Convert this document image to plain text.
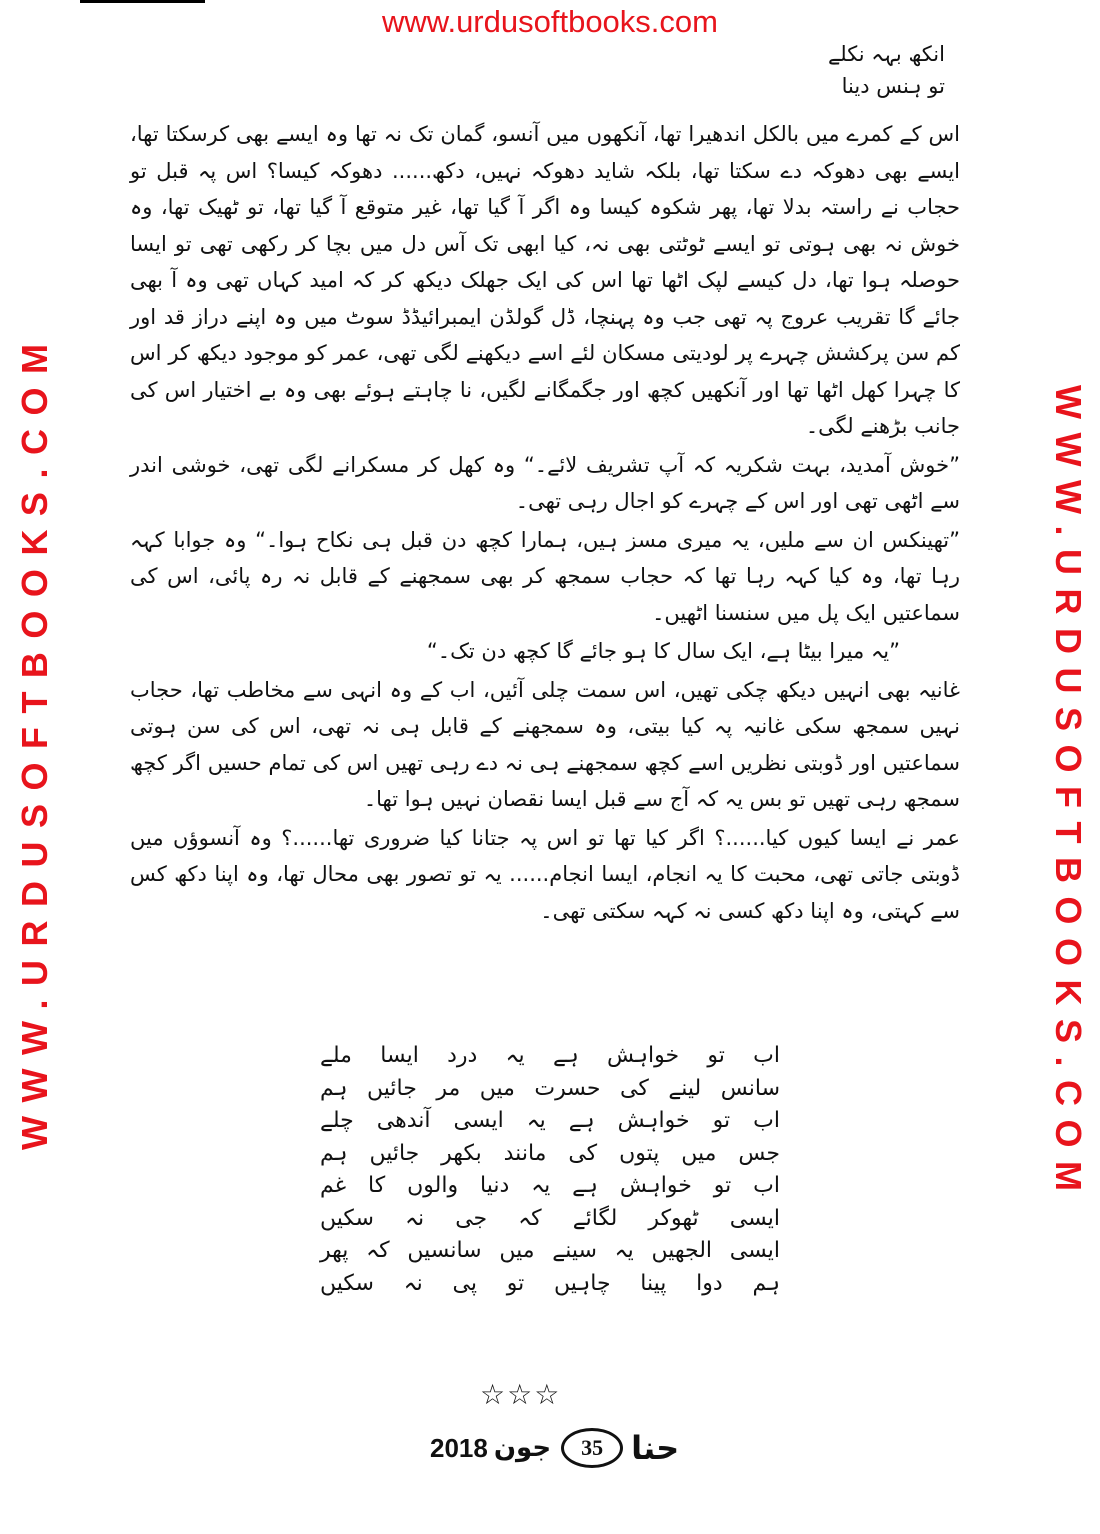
www.urdusoftbooks.com
WWW.URDUSOFTBOOKS.COM	WWW.URDUSOFTBOOKS.COM
انکھ بہہ نکلے
تو ہنس دینا

اس کے کمرے میں بالکل اندھیرا تھا، آنکھوں میں آنسو، گمان تک نہ تھا وہ ایسے بھی کرسکتا تھا، ایسے بھی دھوکہ دے سکتا تھا، بلکہ شاید دھوکہ نہیں، دکھ...... دھوکہ کیسا؟ اس پہ قبل تو حجاب نے راستہ بدلا تھا، پھر شکوہ کیسا وہ اگر آ گیا تھا، غیر متوقع آ گیا تھا، تو ٹھیک تھا، وہ خوش نہ بھی ہوتی تو ایسے ٹوٹتی بھی نہ، کیا ابھی تک آس دل میں بچا کر رکھی تھی تو ایسا حوصلہ ہوا تھا، دل کیسے لپک اٹھا تھا اس کی ایک جھلک دیکھ کر کہ امید کہاں تھی وہ آ بھی جائے گا تقریب عروج پہ تھی جب وہ پہنچا، ڈل گولڈن ایمبرائیڈڈ سوٹ میں وہ اپنے دراز قد اور کم سن پرکشش چہرے پر لودیتی مسکان لئے اسے دیکھنے لگی تھی، عمر کو موجود دیکھ کر اس کا چہرا کھل اٹھا تھا اور آنکھیں کچھ اور جگمگانے لگیں، نا چاہتے ہوئے بھی وہ بے اختیار اس کی جانب بڑھنے لگی۔

”خوش آمدید، بہت شکریہ کہ آپ تشریف لائے۔“ وہ کھل کر مسکرانے لگی تھی، خوشی اندر سے اٹھی تھی اور اس کے چہرے کو اجال رہی تھی۔

”تھینکس ان سے ملیں، یہ میری مسز ہیں، ہمارا کچھ دن قبل ہی نکاح ہوا۔“ وہ جوابا کہہ رہا تھا، وہ کیا کہہ رہا تھا کہ حجاب سمجھ کر بھی سمجھنے کے قابل نہ رہ پائی، اس کی سماعتیں ایک پل میں سنسنا اٹھیں۔

”یہ میرا بیٹا ہے، ایک سال کا ہو جائے گا کچھ دن تک۔“

غانیہ بھی انہیں دیکھ چکی تھیں، اس سمت چلی آئیں، اب کے وہ انہی سے مخاطب تھا، حجاب نہیں سمجھ سکی غانیہ پہ کیا بیتی، وہ سمجھنے کے قابل ہی نہ تھی، اس کی سن ہوتی سماعتیں اور ڈوبتی نظریں اسے کچھ سمجھنے ہی نہ دے رہی تھیں اس کی تمام حسیں اگر کچھ سمجھ رہی تھیں تو بس یہ کہ آج سے قبل ایسا نقصان نہیں ہوا تھا۔

عمر نے ایسا کیوں کیا......؟ اگر کیا تھا تو اس پہ جتانا کیا ضروری تھا......؟ وہ آنسوؤں میں ڈوبتی جاتی تھی، محبت کا یہ انجام، ایسا انجام...... یہ تو تصور بھی محال تھا، وہ اپنا دکھ کس سے کہتی، وہ اپنا دکھ کسی نہ کہہ سکتی تھی۔

اب تو خواہش ہے یہ درد ایسا ملے
سانس لینے کی حسرت میں مر جائیں ہم
اب تو خواہش ہے یہ ایسی آندھی چلے
جس میں پتوں کی مانند بکھر جائیں ہم
اب تو خواہش ہے یہ دنیا والوں کا غم
ایسی ٹھوکر لگائے کہ جی نہ سکیں
ایسی الجھیں یہ سینے میں سانسیں کہ پھر
ہم دوا پینا چاہیں تو پی نہ سکیں
☆☆☆
2018 جون	35 حنا
